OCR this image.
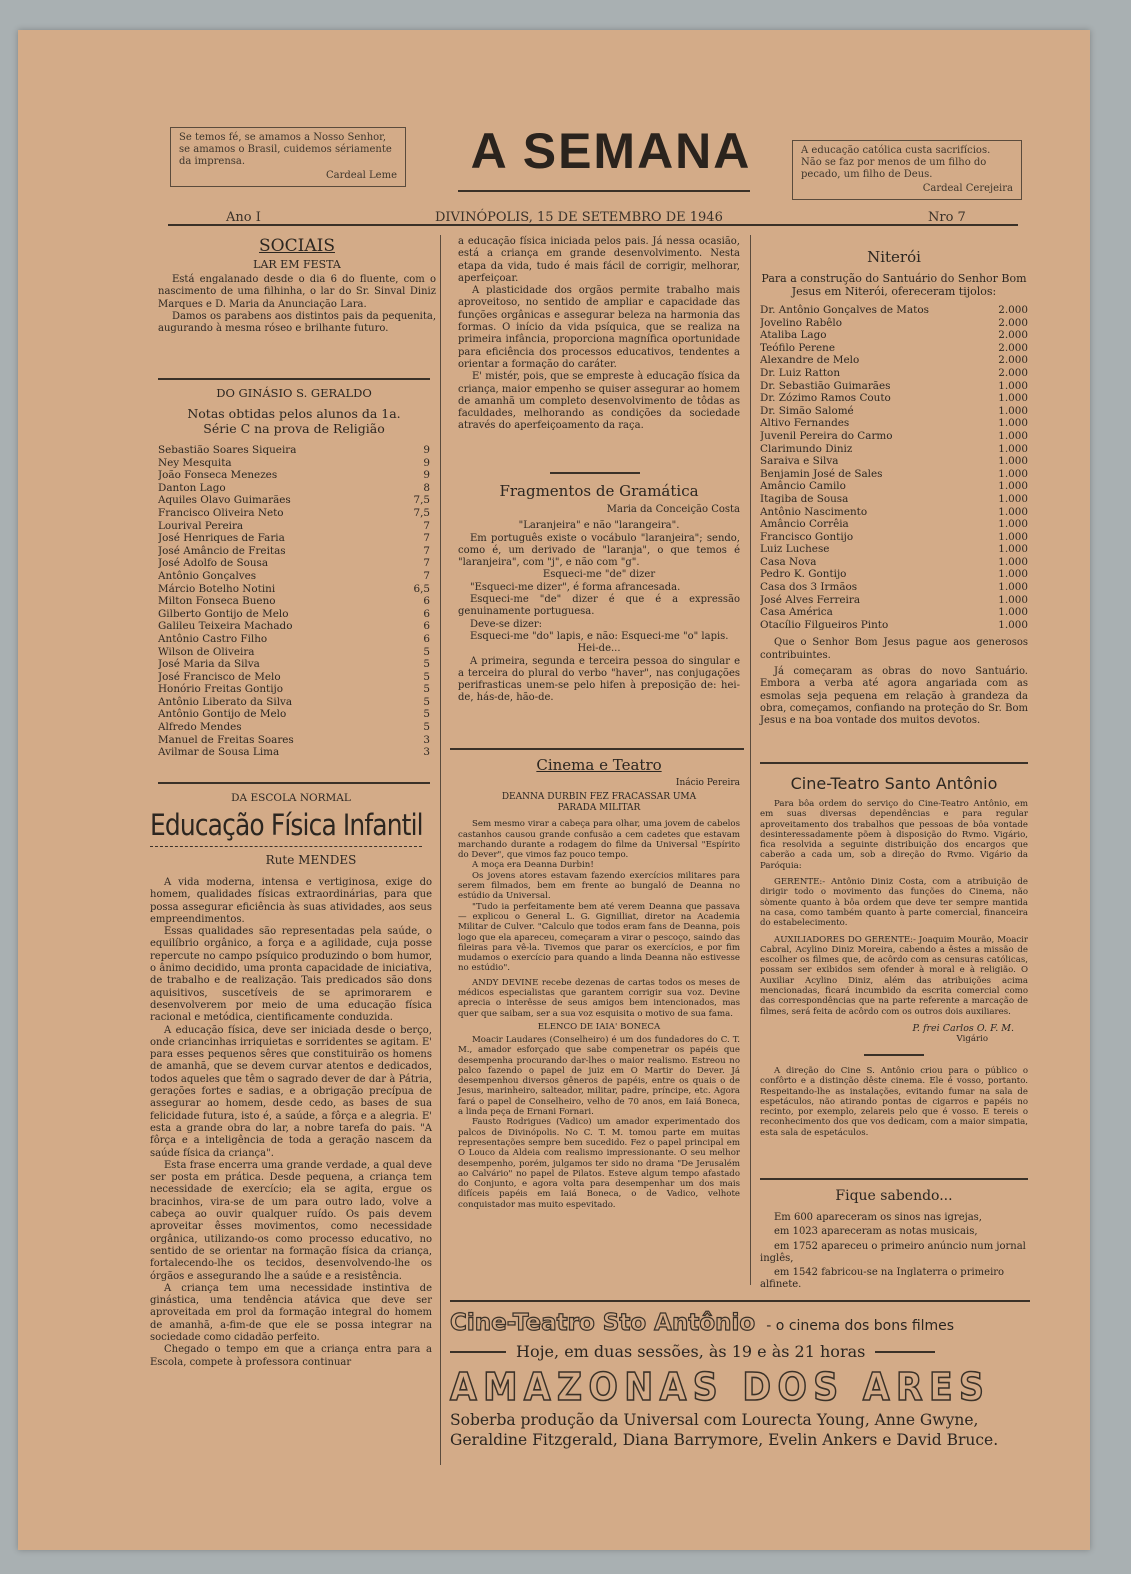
Se temos fé, se amamos a Nosso Senhor, se amamos o Brasil, cuidemos sériamente da imprensa.
Cardeal Leme
A educação católica custa sacrifícios. Não se faz por menos de um filho do pecado, um filho de Deus.
Cardeal Cerejeira
A SEMANA
Ano I	DIVINÓPOLIS, 15 DE SETEMBRO DE 1946	Nro 7
SOCIAIS
LAR EM FESTA

Está engalanado desde o dia 6 do fluente, com o nascimento de uma filhinha, o lar do Sr. Sinval Diniz Marques e D. Maria da Anunciação Lara.

Damos os parabens aos distintos pais da pequenita, augurando à mesma róseo e brilhante futuro.

DO GINÁSIO S. GERALDO
Notas obtidas pelos alunos da 1a. Série C na prova de Religião
Sebastião Soares Siqueira	9
Ney Mesquita	9
João Fonseca Menezes	9
Danton Lago	8
Aquiles Olavo Guimarães	7,5
Francisco Oliveira Neto	7,5
Lourival Pereira	7
José Henriques de Faria	7
José Amâncio de Freitas	7
José Adolfo de Sousa	7
Antônio Gonçalves	7
Márcio Botelho Notini	6,5
Milton Fonseca Bueno	6
Gilberto Gontijo de Melo	6
Galileu Teixeira Machado	6
Antônio Castro Filho	6
Wilson de Oliveira	5
José Maria da Silva	5
José Francisco de Melo	5
Honório Freitas Gontijo	5
Antônio Liberato da Silva	5
Antônio Gontijo de Melo	5
Alfredo Mendes	5
Manuel de Freitas Soares	3
Avilmar de Sousa Lima	3
DA ESCOLA NORMAL
Educação Física Infantil
Rute MENDES

A vida moderna, intensa e vertiginosa, exige do homem, qualidades físicas extraordinárias, para que possa assegurar eficiência às suas atividades, aos seus empreendimentos.

Essas qualidades são representadas pela saúde, o equilíbrio orgânico, a força e a agilidade, cuja posse repercute no campo psíquico produzindo o bom humor, o ânimo decidido, uma pronta capacidade de iniciativa, de trabalho e de realização. Tais predicados são dons aquisitivos, suscetíveis de se aprimorarem e desenvolverem por meio de uma educação física racional e metódica, cientificamente conduzida.

A educação física, deve ser iniciada desde o berço, onde criancinhas irriquietas e sorridentes se agitam. E' para esses pequenos sêres que constituirão os homens de amanhã, que se devem curvar atentos e dedicados, todos aqueles que têm o sagrado dever de dar à Pátria, gerações fortes e sadias, e a obrigação precípua de assegurar ao homem, desde cedo, as bases de sua felicidade futura, isto é, a saúde, a fôrça e a alegria. E' esta a grande obra do lar, a nobre tarefa do pais. "A fôrça e a inteligência de toda a geração nascem da saúde física da criança".

Esta frase encerra uma grande verdade, a qual deve ser posta em prática. Desde pequena, a criança tem necessidade de exercício; ela se agita, ergue os bracinhos, vira-se de um para outro lado, volve a cabeça ao ouvir qualquer ruído. Os pais devem aproveitar êsses movimentos, como necessidade orgânica, utilizando-os como processo educativo, no sentido de se orientar na formação física da criança, fortalecendo-lhe os tecidos, desenvolvendo-lhe os órgãos e assegurando lhe a saúde e a resistência.

A criança tem uma necessidade instintiva de ginástica, uma tendência atávica que deve ser aproveitada em prol da formação integral do homem de amanhã, a-fim-de que ele se possa integrar na sociedade como cidadão perfeito.

Chegado o tempo em que a criança entra para a Escola, compete à professora continuar

a educação física iniciada pelos pais. Já nessa ocasião, está a criança em grande desenvolvimento. Nesta etapa da vida, tudo é mais fácil de corrigir, melhorar, aperfeiçoar.

A plasticidade dos orgãos permite trabalho mais aproveitoso, no sentido de ampliar e capacidade das funções orgânicas e assegurar beleza na harmonia das formas. O início da vida psíquica, que se realiza na primeira infância, proporciona magnífica oportunidade para eficiência dos processos educativos, tendentes a orientar a formação do caráter.

E' mistér, pois, que se empreste à educação física da criança, maior empenho se quiser assegurar ao homem de amanhã um completo desenvolvimento de tôdas as faculdades, melhorando as condições da sociedade através do aperfeiçoamento da raça.

Fragmentos de Gramática
Maria da Conceição Costa

"Laranjeira" e não "larangeira".

Em português existe o vocábulo "laranjeira"; sendo, como é, um derivado de "laranja", o que temos é "laranjeira", com "j", e não com "g".

Esqueci-me "de" dizer

"Esqueci-me dizer", é forma afrancesada.

Esqueci-me "de" dizer é que é a expressão genuinamente portuguesa.

Deve-se dizer:

Esqueci-me "do" lapis, e não: Esqueci-me "o" lapis.

Hei-de...

A primeira, segunda e terceira pessoa do singular e a terceira do plural do verbo "haver", nas conjugações perifrasticas unem-se pelo hifen à preposição de: hei-de, hás-de, hão-de.

Cinema e Teatro
Inácio Pereira
DEANNA DURBIN FEZ FRACASSAR UMA PARADA MILITAR

Sem mesmo virar a cabeça para olhar, uma jovem de cabelos castanhos causou grande confusão a cem cadetes que estavam marchando durante a rodagem do filme da Universal "Espírito do Dever", que vimos faz pouco tempo.

A moça era Deanna Durbin!

Os jovens atores estavam fazendo exercícios militares para serem filmados, bem em frente ao bungaló de Deanna no estúdio da Universal.

"Tudo ia perfeitamente bem até verem Deanna que passava — explicou o General L. G. Gignilliat, diretor na Academia Militar de Culver. "Calculo que todos eram fans de Deanna, pois logo que ela apareceu, começaram a virar o pescoço, saindo das fileiras para vê-la. Tivemos que parar os exercícios, e por fim mudamos o exercício para quando a linda Deanna não estivesse no estúdio".

ANDY DEVINE recebe dezenas de cartas todos os meses de médicos especialistas que garantem corrigir sua voz. Devine aprecia o interêsse de seus amigos bem intencionados, mas quer que saibam, ser a sua voz esquisita o motivo de sua fama.

ELENCO DE IAIA' BONECA

Moacir Laudares (Conselheiro) é um dos fundadores do C. T. M., amador esforçado que sabe compenetrar os papéis que desempenha procurando dar-lhes o maior realismo. Estreou no palco fazendo o papel de juiz em O Martir do Dever. Já desempenhou diversos gêneros de papéis, entre os quais o de Jesus, marinheiro, salteador, militar, padre, príncipe, etc. Agora fará o papel de Conselheiro, velho de 70 anos, em Iaiá Boneca, a linda peça de Ernani Fornari.

Fausto Rodrigues (Vadico) um amador experimentado dos palcos de Divinópolis. No C. T. M. tomou parte em muitas representações sempre bem sucedido. Fez o papel principal em O Louco da Aldeia com realismo impressionante. O seu melhor desempenho, porém, julgamos ter sido no drama "De Jerusalém ao Calvário" no papel de Pilatos. Esteve algum tempo afastado do Conjunto, e agora volta para desempenhar um dos mais difíceis papéis em Iaiá Boneca, o de Vadico, velhote conquistador mas muito espevitado.

Niterói
Para a construção do Santuário do Senhor Bom Jesus em Niterói, ofereceram tijolos:
Dr. Antônio Gonçalves de Matos	2.000
Jovelino Rabêlo	2.000
Ataliba Lago	2.000
Teófilo Perene	2.000
Alexandre de Melo	2.000
Dr. Luiz Ratton	2.000
Dr. Sebastião Guimarães	1.000
Dr. Zózimo Ramos Couto	1.000
Dr. Simão Salomé	1.000
Altivo Fernandes	1.000
Juvenil Pereira do Carmo	1.000
Clarimundo Diniz	1.000
Saraiva e Silva	1.000
Benjamin José de Sales	1.000
Amâncio Camilo	1.000
Itagiba de Sousa	1.000
Antônio Nascimento	1.000
Amâncio Corrêia	1.000
Francisco Gontijo	1.000
Luiz Luchese	1.000
Casa Nova	1.000
Pedro K. Gontijo	1.000
Casa dos 3 Irmãos	1.000
José Alves Ferreira	1.000
Casa América	1.000
Otacílio Filgueiros Pinto	1.000

Que o Senhor Bom Jesus pague aos generosos contribuintes.

Já começaram as obras do novo Santuário. Embora a verba até agora angariada com as esmolas seja pequena em relação à grandeza da obra, começamos, confiando na proteção do Sr. Bom Jesus e na boa vontade dos muitos devotos.

Cine-Teatro Santo Antônio

Para bôa ordem do serviço do Cine-Teatro Antônio, em em suas diversas dependências e para regular aproveitamento dos trabalhos que pessoas de bôa vontade desinteressadamente põem à disposição do Rvmo. Vigário, fica resolvida a seguinte distribuição dos encargos que caberão a cada um, sob a direção do Rvmo. Vigário da Paróquia:

GERENTE:- Antônio Diniz Costa, com a atribuição de dirigir todo o movimento das funções do Cinema, não sòmente quanto à bôa ordem que deve ter sempre mantida na casa, como também quanto à parte comercial, financeira do estabelecimento.

AUXILIADORES DO GERENTE:- Joaquim Mourão, Moacir Cabral, Acylino Diniz Moreira, cabendo a êstes a missão de escolher os filmes que, de acôrdo com as censuras católicas, possam ser exibidos sem ofender à moral e à religião. O Auxiliar Acylino Diniz, além das atribuições acima mencionadas, ficará incumbido da escrita comercial como das correspondências que na parte referente a marcação de filmes, será feita de acôrdo com os outros dois auxiliares.

P. frei Carlos O. F. M.
Vigário

A direção do Cine S. Antônio criou para o público o confôrto e a distinção dêste cinema. Ele é vosso, portanto. Respeitando-lhe as instalações, evitando fumar na sala de espetáculos, não atirando pontas de cigarros e papéis no recinto, por exemplo, zelareis pelo que é vosso. E tereis o reconhecimento dos que vos dedicam, com a maior simpatia, esta sala de espetáculos.

Fique sabendo...

Em 600 apareceram os sinos nas igrejas,

em 1023 apareceram as notas musicais,

em 1752 apareceu o primeiro anúncio num jornal inglês,

em 1542 fabricou-se na Inglaterra o primeiro alfinete.

Cine-Teatro Sto Antônio - o cinema dos bons filmes
Hoje, em duas sessões, às 19 e às 21 horas
AMAZONAS DOS ARES
Soberba produção da Universal com Lourecta Young, Anne Gwyne,
Geraldine Fitzgerald, Diana Barrymore, Evelin Ankers e David Bruce.
